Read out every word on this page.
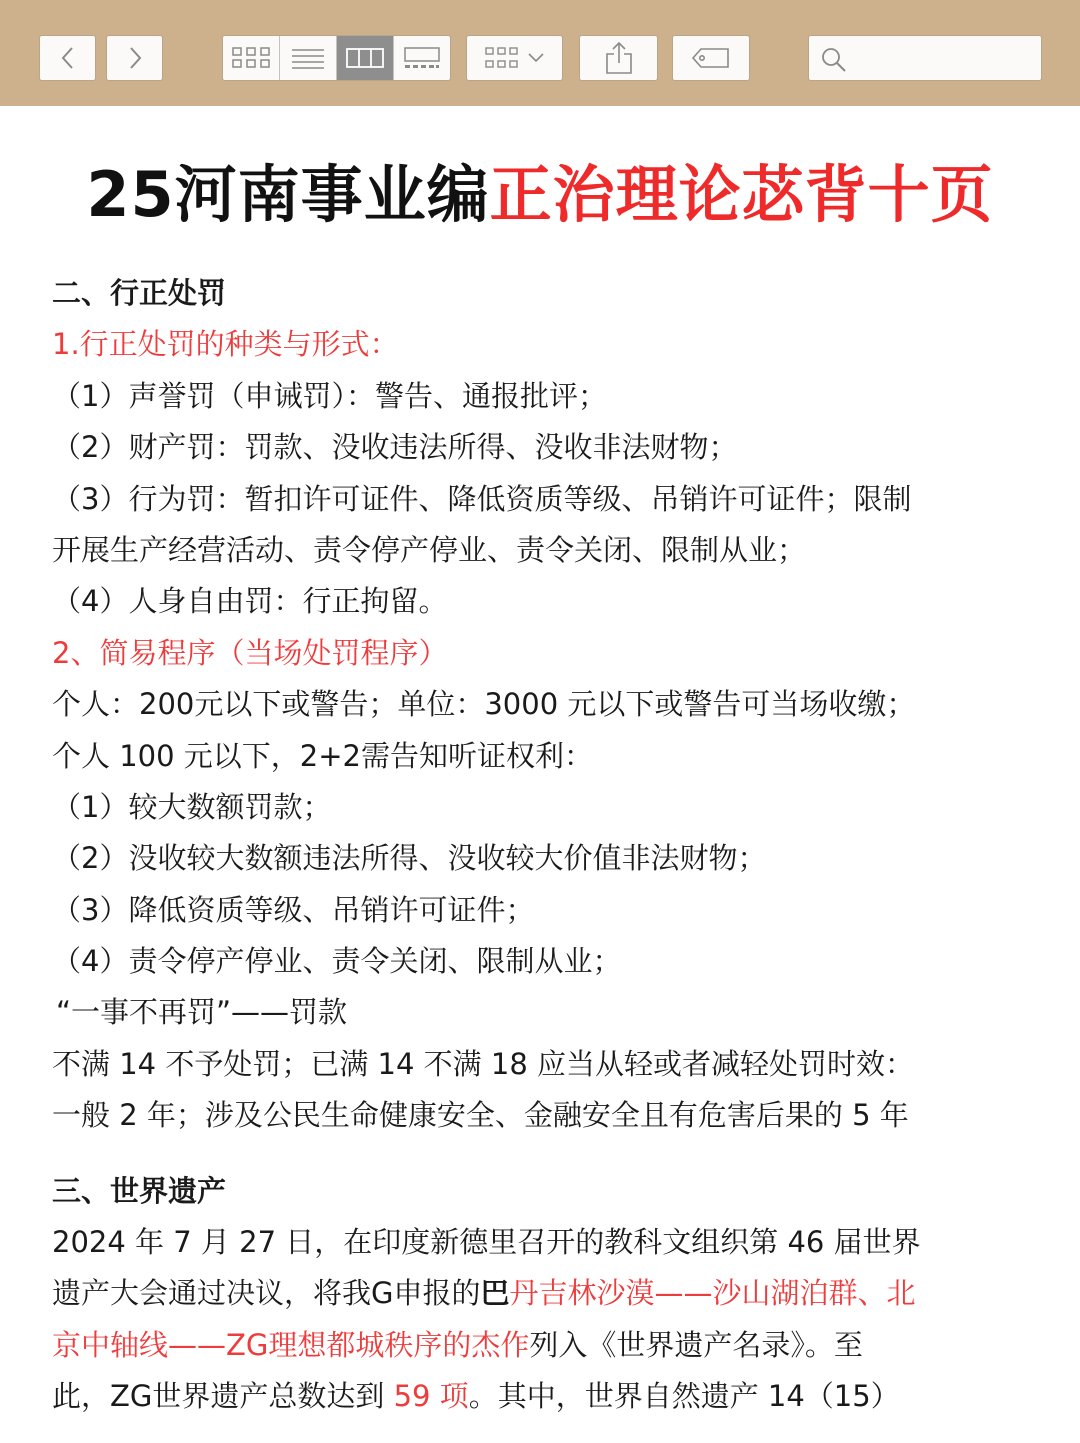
25河南事业编正治理论苾背十页
二、行正处罚
1.行正处罚的种类与形式：
（1）声誉罚（申诫罚）：警告、通报批评；
（2）财产罚：罚款、没收违法所得、没收非法财物；
（3）行为罚：暂扣许可证件、降低资质等级、吊销许可证件；限制
开展生产经营活动、责令停产停业、责令关闭、限制从业；
（4）人身自由罚：行正拘留。
2、简易程序（当场处罚程序）
个人：200元以下或警告；单位：3000 元以下或警告可当场收缴；
个人 100 元以下，2+2需告知听证权利：
（1）较大数额罚款；
（2）没收较大数额违法所得、没收较大价值非法财物；
（3）降低资质等级、吊销许可证件；
（4）责令停产停业、责令关闭、限制从业；
“一事不再罚”——罚款
不满 14 不予处罚；已满 14 不满 18 应当从轻或者减轻处罚时效：
一般 2 年；涉及公民生命健康安全、金融安全且有危害后果的 5 年
三、世界遗产
2024 年 7 月 27 日，在印度新德里召开的教科文组织第 46 届世界
遗产大会通过决议，将我G申报的巴丹吉林沙漠——沙山湖泊群、北
京中轴线——ZG理想都城秩序的杰作列入《世界遗产名录》。至
此，ZG世界遗产总数达到 59 项。其中，世界自然遗产 14（15）
